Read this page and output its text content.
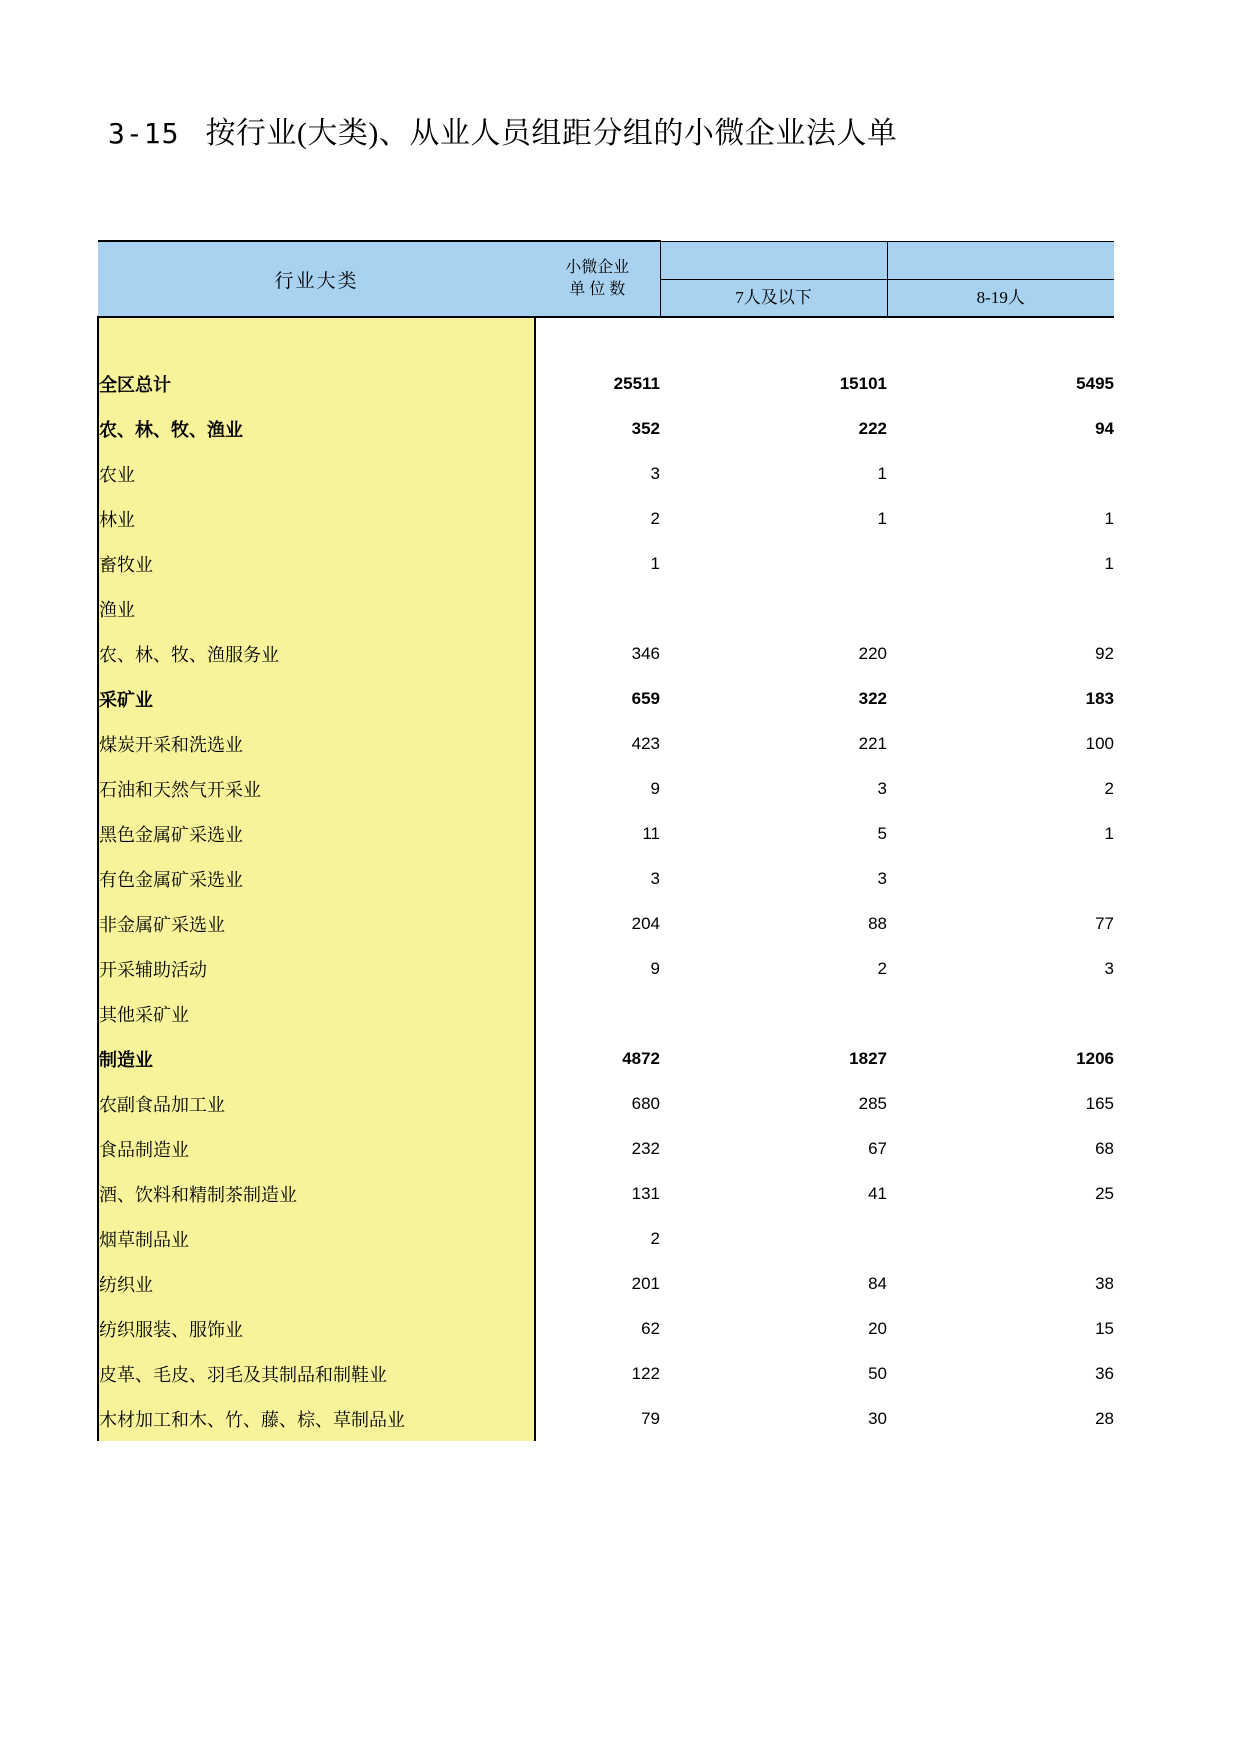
3-15 按行业(大类)、从业人员组距分组的小微企业法人单
行业大类	小微企业
单 位 数	7人及以下	8-19人

全区总计	25511	15101	5495
农、林、牧、渔业	352	222	94
农业	3	1	
林业	2	1	1
畜牧业	1		1
渔业			
农、林、牧、渔服务业	346	220	92
采矿业	659	322	183
煤炭开采和洗选业	423	221	100
石油和天然气开采业	9	3	2
黑色金属矿采选业	11	5	1
有色金属矿采选业	3	3	
非金属矿采选业	204	88	77
开采辅助活动	9	2	3
其他采矿业			
制造业	4872	1827	1206
农副食品加工业	680	285	165
食品制造业	232	67	68
酒、饮料和精制茶制造业	131	41	25
烟草制品业	2		
纺织业	201	84	38
纺织服装、服饰业	62	20	15
皮革、毛皮、羽毛及其制品和制鞋业	122	50	36
木材加工和木、竹、藤、棕、草制品业	79	30	28
